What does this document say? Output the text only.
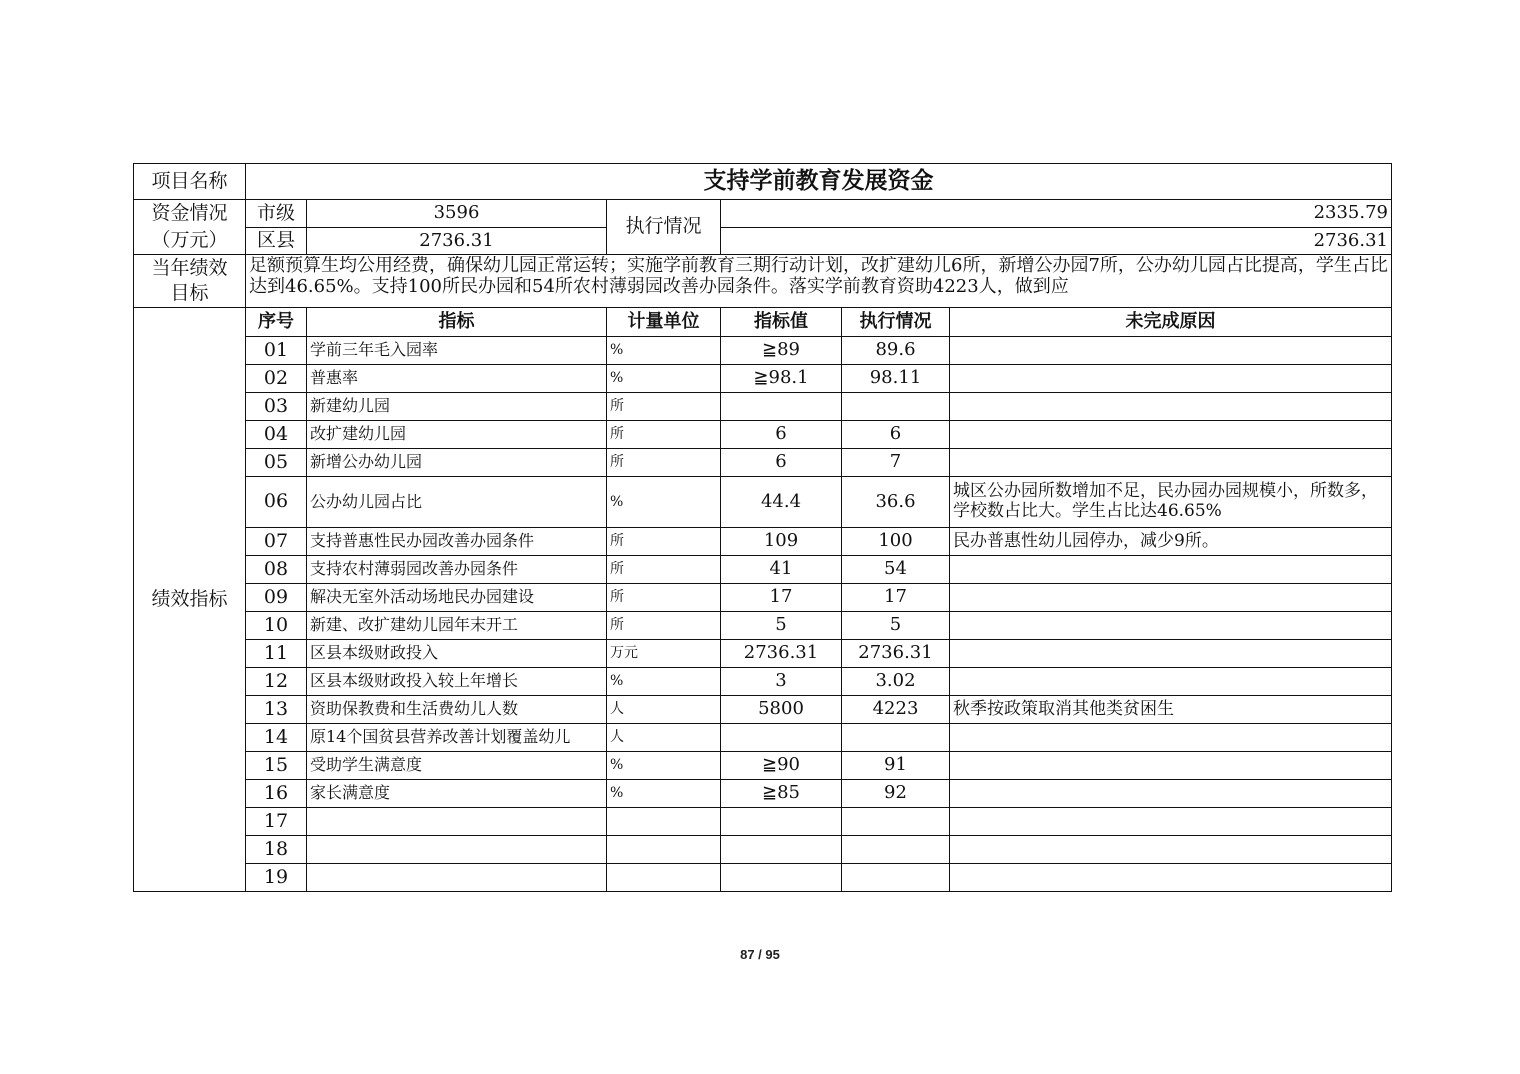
项目名称	支持学前教育发展资金					

资金情况
（万元）	市级	3596	执行情况	2335.79		
	区县	2736.31		2736.31		

当年绩效
目标	足额预算生均公用经费，确保幼儿园正常运转；实施学前教育三期行动计划，改扩建幼儿6所，新增公办园7所，公办幼儿园占比提高，学生占比达到46.65%。支持100所民办园和54所农村薄弱园改善办园条件。落实学前教育资助4223人，做到应					

绩效指标	序号	指标	计量单位	指标值	执行情况	未完成原因
	01	学前三年毛入园率	%	≧89	89.6	
	02	普惠率	%	≧98.1	98.11	
	03	新建幼儿园	所			
	04	改扩建幼儿园	所	6	6	
	05	新增公办幼儿园	所	6	7	
	06	公办幼儿园占比	%	44.4	36.6	城区公办园所数增加不足，民办园办园规模小，所数多，学校数占比大。学生占比达46.65%
	07	支持普惠性民办园改善办园条件	所	109	100	民办普惠性幼儿园停办，减少9所。
	08	支持农村薄弱园改善办园条件	所	41	54	
	09	解决无室外活动场地民办园建设	所	17	17	
	10	新建、改扩建幼儿园年末开工	所	5	5	
	11	区县本级财政投入	万元	2736.31	2736.31	
	12	区县本级财政投入较上年增长	%	3	3.02	
	13	资助保教费和生活费幼儿人数	人	5800	4223	秋季按政策取消其他类贫困生
	14	原14个国贫县营养改善计划覆盖幼儿	人			
	15	受助学生满意度	%	≧90	91	
	16	家长满意度	%	≧85	92	
	17					
	18					
	19					
87 / 95
